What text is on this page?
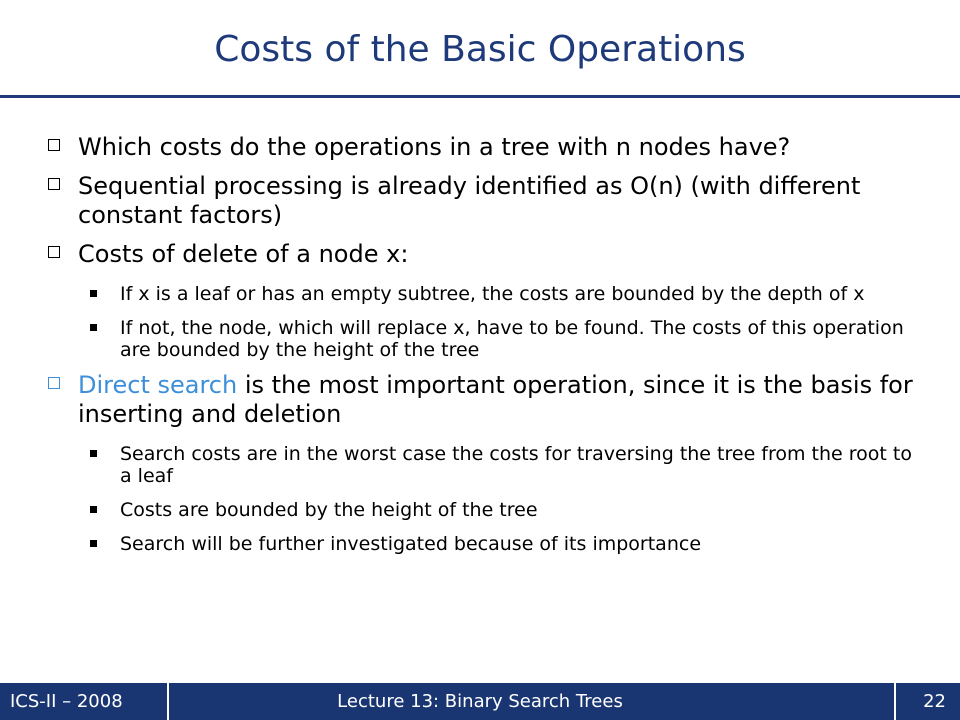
Costs of the Basic Operations
Which costs do the operations in a tree with n nodes have?
Sequential processing is already identified as O(n) (with different constant factors)
Costs of delete of a node x:
If x is a leaf or has an empty subtree, the costs are bounded by the depth of x
If not, the node, which will replace x, have to be found. The costs of this operation are bounded by the height of the tree
Direct search is the most important operation, since it is the basis for inserting and deletion
Search costs are in the worst case the costs for traversing the tree from the root to a leaf
Costs are bounded by the height of the tree
Search will be further investigated because of its importance
ICS-II – 2008	Lecture 13: Binary Search Trees	22
